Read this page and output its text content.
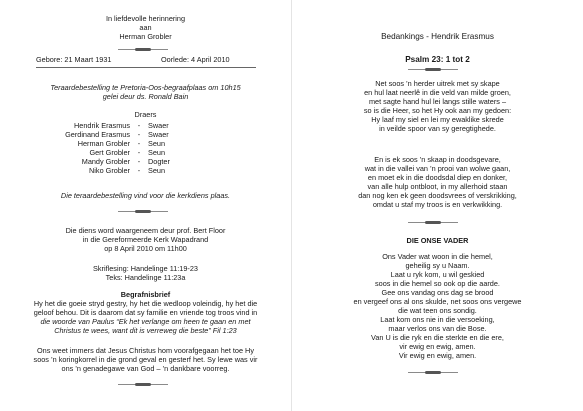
In liefdevolle herinnering
aan
Herman Grobler
Gebore: 21 Maart 1931	Oorlede: 4 April 2010
Teraardebestelling te Pretoria-Oos-begraafplaas om 10h15
gelei deur ds. Ronald Bain
Draers
Hendrik Erasmus	-	Swaer
Gerdinand Erasmus	-	Swaer
Herman Grobler	-	Seun
Gert Grobler	-	Seun
Mandy Grobler	-	Dogter
Niko Grobler	-	Seun
Die teraardebestelling vind voor die kerkdiens plaas.
Die diens word waargeneem deur prof. Bert Floor
in die Gereformeerde Kerk Wapadrand
op 8 April 2010 om 11h00
Skriflesing: Handelinge 11:19-23
Teks: Handelinge 11:23a
Begrafnisbrief
Hy het die goeie stryd gestry, hy het die wedloop voleindig, hy het die
geloof behou. Dit is daarom dat sy familie en vriende tog troos vind in
die woorde van Paulus “Ek het verlange om heen te gaan en met
Christus te wees, want dit is verreweg die beste” Fil 1:23
Ons weet immers dat Jesus Christus hom voorafgegaan het toe Hy
soos ’n koringkorrel in die grond geval en gesterf het. Sy lewe was vir
ons ’n genadegawe van God – ’n dankbare voorreg.
Bedankings - Hendrik Erasmus
Psalm 23: 1 tot 2
Net soos ’n herder uitrek met sy skape
en hul laat neerlê in die veld van milde groen,
met sagte hand hul lei langs stille waters –
so is die Heer, so het Hy ook aan my gedoen:
Hy laaf my siel en lei my ewaklike skrede
in veilde spoor van sy geregtighede.
En is ek soos ’n skaap in doodsgevare,
wat in die vallei van ’n prooi van wolwe gaan,
en moet ek in die doodsdal diep en donker,
van alle hulp ontbloot, in my allerhoid staan
dan nog ken ek geen doodsvrees of verskrikking,
omdat u staf my troos is en verkwikking.
DIE ONSE VADER
Ons Vader wat woon in die hemel,
geheilig sy u Naam.
Laat u ryk kom, u wil geskied
soos in die hemel so ook op die aarde.
Gee ons vandag ons dag se brood
en vergeef ons al ons skulde, net soos ons vergewe
die wat teen ons sondig.
Laat kom ons nie in die versoeking,
maar verlos ons van die Bose.
Van U is die ryk en die sterkte en die ere,
vir ewig en ewig, amen.
Vir ewig en ewig, amen.
